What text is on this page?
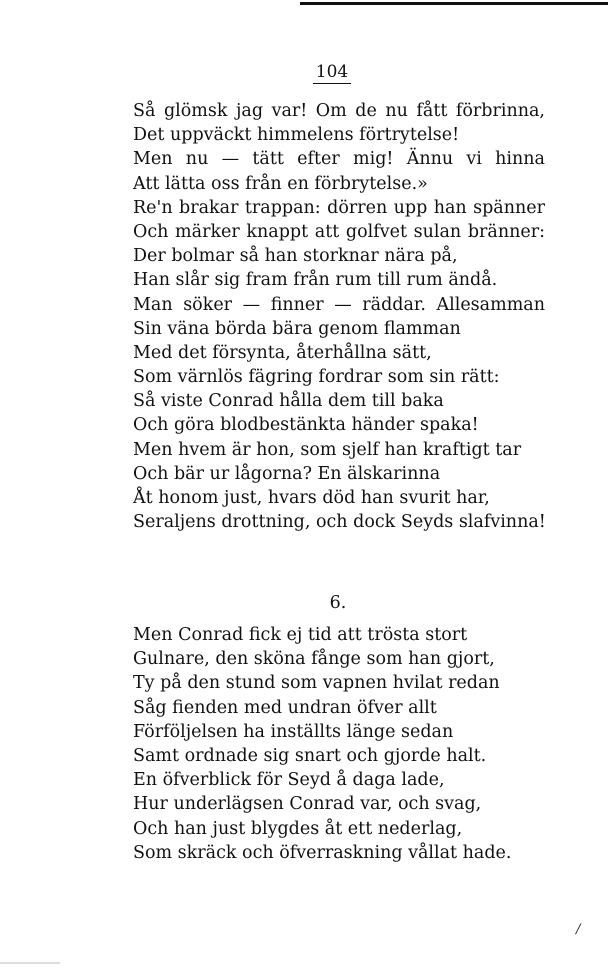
104
Så glömsk jag var! Om de nu fått förbrinna,
Det uppväckt himmelens förtrytelse!
Men nu — tätt efter mig! Ännu vi hinna
Att lätta oss från en förbrytelse.»
Re'n brakar trappan: dörren upp han spänner
Och märker knappt att golfvet sulan bränner:
Der bolmar så han storknar nära på,
Han slår sig fram från rum till rum ändå.
Man söker — finner — räddar. Allesamman
Sin väna börda bära genom flamman
Med det försynta, återhållna sätt,
Som värnlös fägring fordrar som sin rätt:
Så viste Conrad hålla dem till baka
Och göra blodbestänkta händer spaka!
Men hvem är hon, som sjelf han kraftigt tar
Och bär ur lågorna? En älskarinna
Åt honom just, hvars död han svurit har,
Seraljens drottning, och dock Seyds slafvinna!
6.
Men Conrad fick ej tid att trösta stort
Gulnare, den sköna fånge som han gjort,
Ty på den stund som vapnen hvilat redan
Såg fienden med undran öfver allt
Förföljelsen ha inställts länge sedan
Samt ordnade sig snart och gjorde halt.
En öfverblick för Seyd å daga lade,
Hur underlägsen Conrad var, och svag,
Och han just blygdes åt ett nederlag,
Som skräck och öfverraskning vållat hade.
/
